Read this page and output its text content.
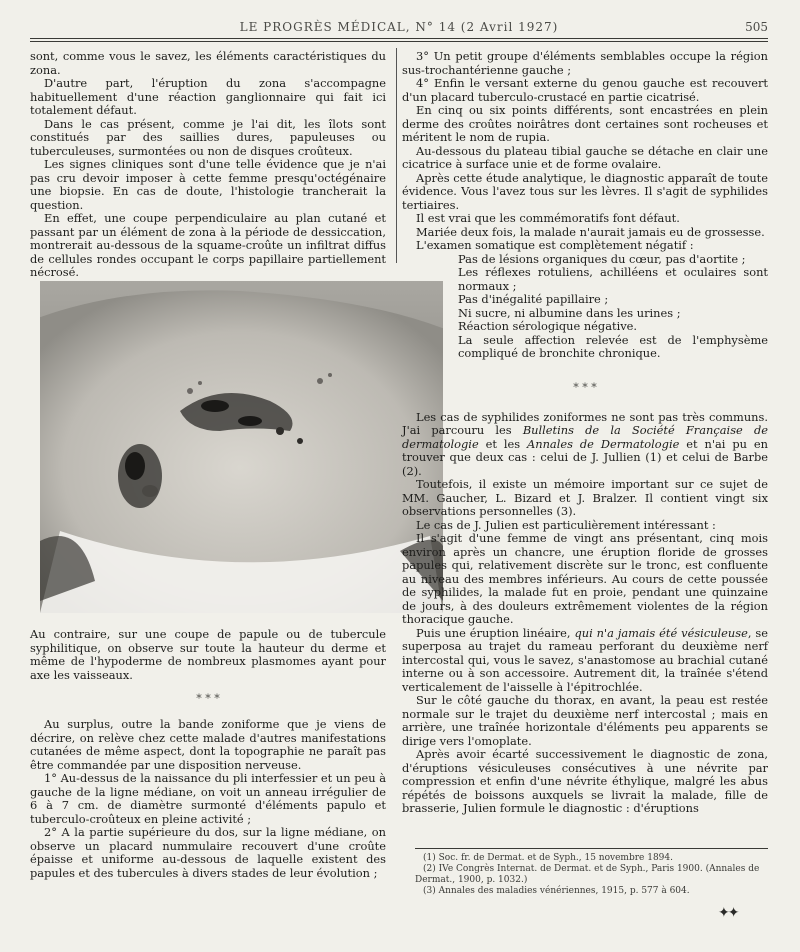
LE PROGRÈS MÉDICAL, N° 14 (2 Avril 1927)	505

sont, comme vous le savez, les éléments caractéristiques du zona.

D'autre part, l'éruption du zona s'accompagne habituellement d'une réaction ganglionnaire qui fait ici totalement défaut.

Dans le cas présent, comme je l'ai dit, les îlots sont constitués par des saillies dures, papuleuses ou tuberculeuses, surmontées ou non de disques croûteux.

Les signes cliniques sont d'une telle évidence que je n'ai pas cru devoir imposer à cette femme presqu'octégénaire une biopsie. En cas de doute, l'histologie trancherait la question.

En effet, une coupe perpendiculaire au plan cutané et passant par un élément de zona à la période de dessiccation, montrerait au-dessous de la squame-croûte un infiltrat diffus de cellules rondes occupant le corps papillaire partiellement nécrosé.

Au contraire, sur une coupe de papule ou de tubercule syphilitique, on observe sur toute la hauteur du derme et même de l'hypoderme de nombreux plasmomes ayant pour axe les vaisseaux.

* * *

Au surplus, outre la bande zoniforme que je viens de décrire, on relève chez cette malade d'autres manifestations cutanées de même aspect, dont la topographie ne paraît pas être commandée par une disposition nerveuse.

1° Au-dessus de la naissance du pli interfessier et un peu à gauche de la ligne médiane, on voit un anneau irrégulier de 6 à 7 cm. de diamètre surmonté d'éléments papulo et tuberculo-croûteux en pleine activité ;

2° A la partie supérieure du dos, sur la ligne médiane, on observe un placard nummulaire recouvert d'une croûte épaisse et uniforme au-dessous de laquelle existent des papules et des tubercules à divers stades de leur évolution ;

3° Un petit groupe d'éléments semblables occupe la région sus-trochantérienne gauche ;

4° Enfin le versant externe du genou gauche est recouvert d'un placard tuberculo-crustacé en partie cicatrisé.

En cinq ou six points différents, sont encastrées en plein derme des croûtes noirâtres dont certaines sont rocheuses et méritent le nom de rupia.

Au-dessous du plateau tibial gauche se détache en clair une cicatrice à surface unie et de forme ovalaire.

Après cette étude analytique, le diagnostic apparaît de toute évidence. Vous l'avez tous sur les lèvres. Il s'agit de syphilides tertiaires.

Il est vrai que les commémoratifs font défaut.

Mariée deux fois, la malade n'aurait jamais eu de grossesse.

L'examen somatique est complètement négatif :

Pas de lésions organiques du cœur, pas d'aortite ;

Les réflexes rotuliens, achilléens et oculaires sont normaux ;

Pas d'inégalité papillaire ;

Ni sucre, ni albumine dans les urines ;

Réaction sérologique négative.

La seule affection relevée est de l'emphysème compliqué de bronchite chronique.

* * *

Les cas de syphilides zoniformes ne sont pas très communs. J'ai parcouru les Bulletins de la Société Française de dermatologie et les Annales de Dermatologie et n'ai pu en trouver que deux cas : celui de J. Jullien (1) et celui de Barbe (2).

Toutefois, il existe un mémoire important sur ce sujet de MM. Gaucher, L. Bizard et J. Bralzer. Il contient vingt six observations personnelles (3).

Le cas de J. Julien est particulièrement intéressant :

Il s'agit d'une femme de vingt ans présentant, cinq mois environ après un chancre, une éruption floride de grosses papules qui, relativement discrète sur le tronc, est confluente au niveau des membres inférieurs. Au cours de cette poussée de syphilides, la malade fut en proie, pendant une quinzaine de jours, à des douleurs extrêmement violentes de la région thoracique gauche.

Puis une éruption linéaire, qui n'a jamais été vésiculeuse, se superposa au trajet du rameau perforant du deuxième nerf intercostal qui, vous le savez, s'anastomose au brachial cutané interne ou à son accessoire. Autrement dit, la traînée s'étend verticalement de l'aisselle à l'épitrochlée.

Sur le côté gauche du thorax, en avant, la peau est restée normale sur le trajet du deuxième nerf intercostal ; mais en arrière, une traînée horizontale d'éléments peu apparents se dirige vers l'omoplate.

Après avoir écarté successivement le diagnostic de zona, d'éruptions vésiculeuses consécutives à une névrite par compression et enfin d'une névrite éthylique, malgré les abus répétés de boissons auxquels se livrait la malade, fille de brasserie, Julien formule le diagnostic : d'éruptions

(1) Soc. fr. de Dermat. et de Syph., 15 novembre 1894.

(2) IVe Congrès Internat. de Dermat. et de Syph., Paris 1900. (Annales de Dermat., 1900, p. 1032.)

(3) Annales des maladies vénériennes, 1915, p. 577 à 604.

✦✦
